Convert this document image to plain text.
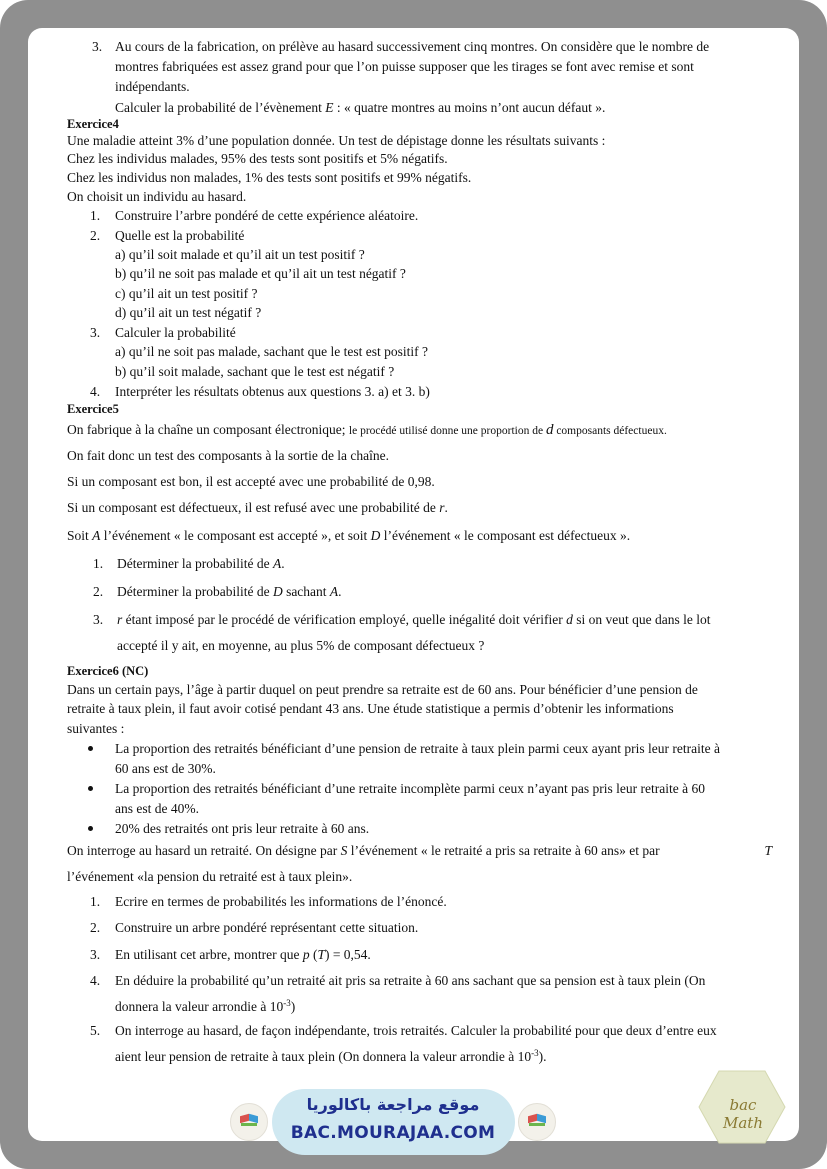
3. Au cours de la fabrication, on prélève au hasard successivement cinq montres. On considère que le nombre de
montres fabriquées est assez grand pour que l’on puisse supposer que les tirages se font avec remise et sont
indépendants.
Calculer la probabilité de l’évènement E : « quatre montres au moins n’ont aucun défaut ».
Exercice4
Une maladie atteint 3% d’une population donnée. Un test de dépistage donne les résultats suivants :
Chez les individus malades, 95% des tests sont positifs et 5% négatifs.
Chez les individus non malades, 1% des tests sont positifs et 99% négatifs.
On choisit un individu au hasard.
1. Construire l’arbre pondéré de cette expérience aléatoire.
2. Quelle est la probabilité
a) qu’il soit malade et qu’il ait un test positif ?
b) qu’il ne soit pas malade et qu’il ait un test négatif ?
c) qu’il ait un test positif ?
d) qu’il ait un test négatif ?
3. Calculer la probabilité
a) qu’il ne soit pas malade, sachant que le test est positif ?
b) qu’il soit malade, sachant que le test est négatif ?
4. Interpréter les résultats obtenus aux questions 3. a) et 3. b)
Exercice5
On fabrique à la chaîne un composant électronique; le procédé utilisé donne une proportion de d composants défectueux.
On fait donc un test des composants à la sortie de la chaîne.
Si un composant est bon, il est accepté avec une probabilité de 0,98.
Si un composant est défectueux, il est refusé avec une probabilité de r.
Soit A l’événement « le composant est accepté », et soit D l’événement « le composant est défectueux ».
1. Déterminer la probabilité de A.
2. Déterminer la probabilité de D sachant A.
3. r étant imposé par le procédé de vérification employé, quelle inégalité doit vérifier d si on veut que dans le lot
accepté il y ait, en moyenne, au plus 5% de composant défectueux ?
Exercice6 (NC)
Dans un certain pays, l’âge à partir duquel on peut prendre sa retraite est de 60 ans. Pour bénéficier d’une pension de
retraite à taux plein, il faut avoir cotisé pendant 43 ans. Une étude statistique a permis d’obtenir les informations
suivantes :
La proportion des retraités bénéficiant d’une pension de retraite à taux plein parmi ceux ayant pris leur retraite à
60 ans est de 30%.
La proportion des retraités bénéficiant d’une retraite incomplète parmi ceux n’ayant pas pris leur retraite à 60
ans est de 40%.
20% des retraités ont pris leur retraite à 60 ans.
On interroge au hasard un retraité. On désigne par S l’événement « le retraité a pris sa retraite à 60 ans» et par	T
l’événement «la pension du retraité est à taux plein».
1. Ecrire en termes de probabilités les informations de l’énoncé.
2. Construire un arbre pondéré représentant cette situation.
3. En utilisant cet arbre, montrer que p (T) = 0,54.
4. En déduire la probabilité qu’un retraité ait pris sa retraite à 60 ans sachant que sa pension est à taux plein (On
donnera la valeur arrondie à $10^{-3}$)
5. On interroge au hasard, de façon indépendante, trois retraités. Calculer la probabilité pour que deux d’entre eux
aient leur pension de retraite à taux plein (On donnera la valeur arrondie à $10^{-3}$).
موقع مراجعة باكالوريا
BAC.MOURAJAA.COM
bac Math
